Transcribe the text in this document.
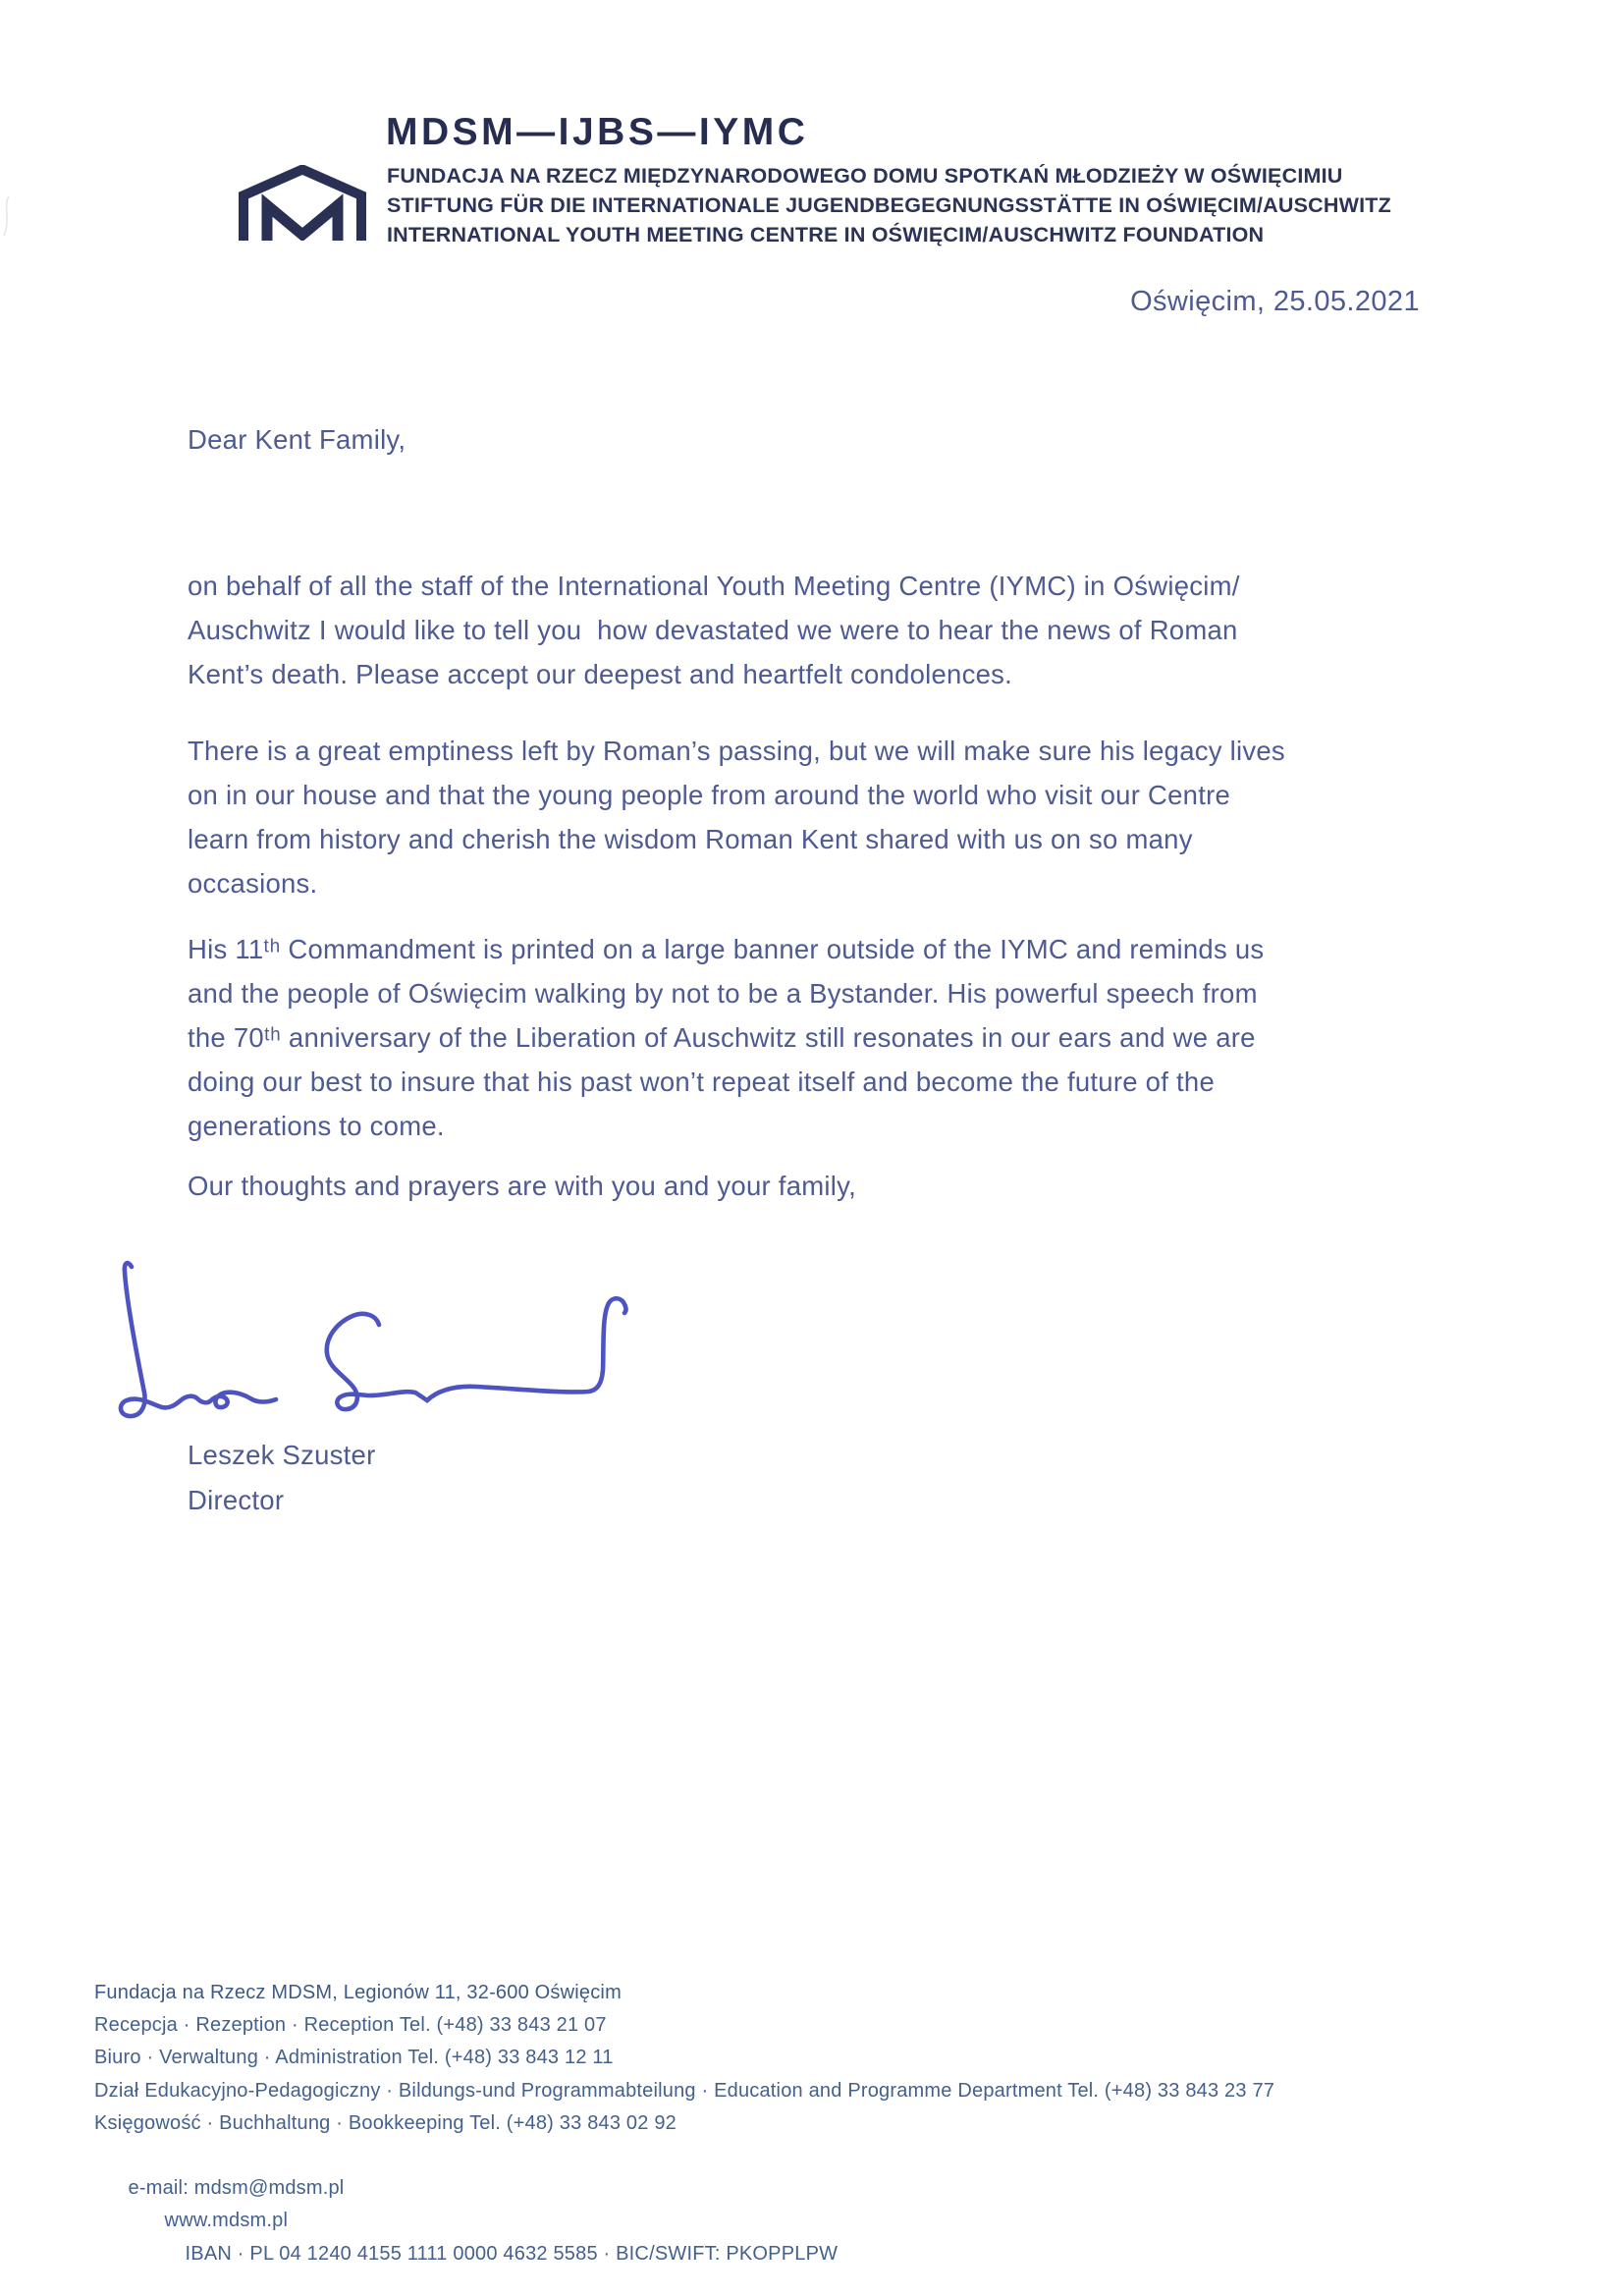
MDSM—IJBS—IYMC
FUNDACJA NA RZECZ MIĘDZYNARODOWEGO DOMU SPOTKAŃ MŁODZIEŻY W OŚWIĘCIMIU
STIFTUNG FÜR DIE INTERNATIONALE JUGENDBEGEGNUNGSSTÄTTE IN OŚWIĘCIM/AUSCHWITZ
INTERNATIONAL YOUTH MEETING CENTRE IN OŚWIĘCIM/AUSCHWITZ FOUNDATION
Oświęcim, 25.05.2021
Dear Kent Family,
on behalf of all the staff of the International Youth Meeting Centre (IYMC) in Oświęcim/
Auschwitz I would like to tell you  how devastated we were to hear the news of Roman
Kent’s death. Please accept our deepest and heartfelt condolences.
There is a great emptiness left by Roman’s passing, but we will make sure his legacy lives
on in our house and that the young people from around the world who visit our Centre
learn from history and cherish the wisdom Roman Kent shared with us on so many
occasions.
His 11ᵗʰ Commandment is printed on a large banner outside of the IYMC and reminds us
and the people of Oświęcim walking by not to be a Bystander. His powerful speech from
the 70ᵗʰ anniversary of the Liberation of Auschwitz still resonates in our ears and we are
doing our best to insure that his past won’t repeat itself and become the future of the
generations to come.
Our thoughts and prayers are with you and your family,
Leszek Szuster
Director
Fundacja na Rzecz MDSM, Legionów 11, 32-600 Oświęcim
Recepcja · Rezeption · Reception Tel. (+48) 33 843 21 07
Biuro · Verwaltung · Administration Tel. (+48) 33 843 12 11
Dział Edukacyjno-Pedagogiczny · Bildungs-und Programmabteilung · Education and Programme Department Tel. (+48) 33 843 23 77
Księgowość · Buchhaltung · Bookkeeping Tel. (+48) 33 843 02 92

e-mail: mdsm@mdsm.pl
www.mdsm.pl
IBAN · PL 04 1240 4155 1111 0000 4632 5585 · BIC/SWIFT: PKOPPLPW
